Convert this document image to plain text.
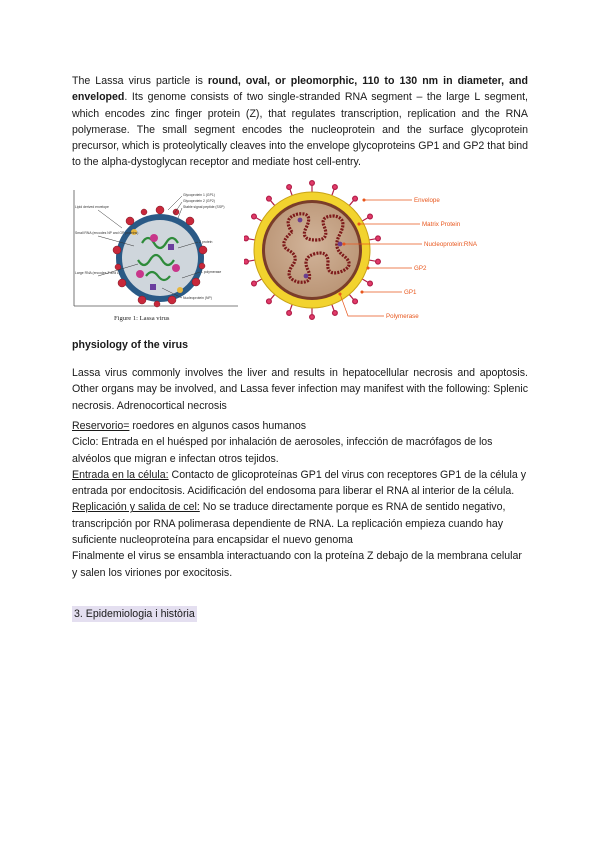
The Lassa virus particle is round, oval, or pleomorphic, 110 to 130 nm in diameter, and enveloped. Its genome consists of two single-stranded RNA segment – the large L segment, which encodes zinc finger protein (Z), that regulates transcription, replication and the RNA polymerase. The small segment encodes the nucleoprotein and the surface glycoprotein precursor, which is proteolytically cleaves into the envelope glycoproteins GP1 and GP2 that bind to the alpha-dystoglycan receptor and mediate host cell-entry.
Lipid derived envelope
Small RNA (encodes NP and GP proteins)
Large RNA (encodes Z and L)
Glycoprotein 1 (GP1)
Glycoprotein 2 (GP2)
Stable signal peptide (SSP)
Z protein
L polymerase
Nucleoprotein (NP)
Figure 1: Lassa virus
Envelope
Matrix Protein
Nucleoprotein:RNA
GP2
GP1
Polymerase
physiology of the virus
Lassa virus commonly involves the liver and results in hepatocellular necrosis and apoptosis. Other organs may be involved, and Lassa fever infection may manifest with the following: Splenic necrosis. Adrenocortical necrosis
Reservorio= roedores en algunos casos humanos
Ciclo: Entrada en el huésped por inhalación de aerosoles, infección de macrófagos de los alvéolos que migran e infectan otros tejidos.
Entrada en la célula: Contacto de glicoproteínas GP1 del virus con receptores GP1 de la célula y entrada por endocitosis. Acidificación del endosoma para liberar el RNA al interior de la célula.
Replicación y salida de cel: No se traduce directamente porque es RNA de sentido negativo, transcripción por RNA polimerasa dependiente de RNA. La replicación empieza cuando hay suficiente nucleoproteína para encapsidar el nuevo genoma
Finalmente el virus se ensambla interactuando con la proteína Z debajo de la membrana celular y salen los viriones por exocitosis.
3. Epidemiologia i història
